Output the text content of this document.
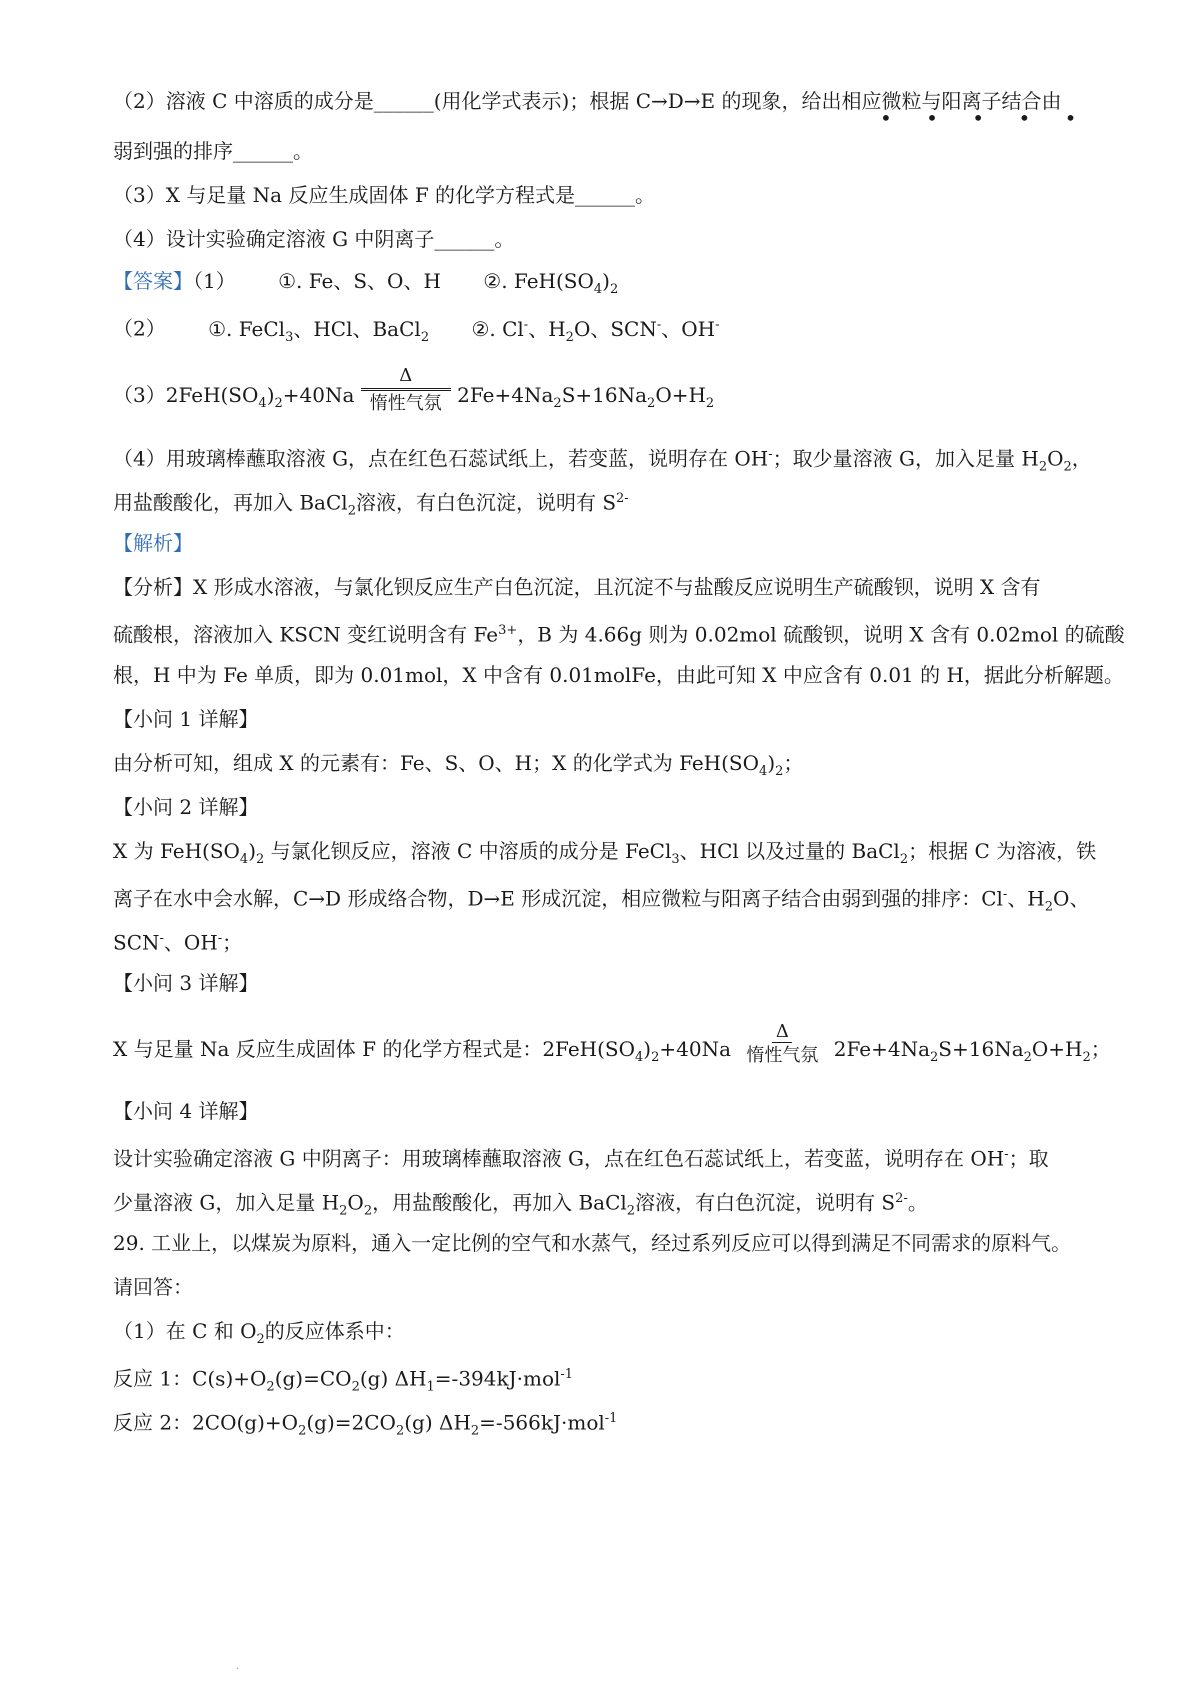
（2）溶液 C 中溶质的成分是______(用化学式表示)；根据 C→D→E 的现象，给出相应微粒与阳离子结合由
• • • • •
弱到强的排序______。
（3）X 与足量 Na 反应生成固体 F 的化学方程式是______。
（4）设计实验确定溶液 G 中阴离子______。
【答案】（1） ①. Fe、S、O、H ②. $FeH(SO_4)_2$
（2） ①. FeCl$_3$、HCl、BaCl$_2$ ②. Cl-、$H_2O$、SCN-、OH-
$(3)2FeH(SO_4)_2+40Na$
Δ
惰性气氛 $2Fe+4Na_2S+16Na_2O+H_2$
（4）用玻璃棒蘸取溶液 G，点在红色石蕊试纸上，若变蓝，说明存在 OH-；取少量溶液 G，加入足量 $H_2O_2$，
用盐酸酸化，再加入 BaCl$_2$溶液，有白色沉淀，说明有 $S^{2-}$
【解析】
【分析】X 形成水溶液，与氯化钡反应生产白色沉淀，且沉淀不与盐酸反应说明生产硫酸钡，说明 X 含有
硫酸根，溶液加入 KSCN 变红说明含有 $Fe^{3+}$，B 为 4.66g 则为 0.02mol 硫酸钡，说明 X 含有 0.02mol 的硫酸
根，H 中为 Fe 单质，即为 0.01mol，X 中含有 0.01molFe，由此可知 X 中应含有 0.01 的 H，据此分析解题。
【小问 1 详解】
由分析可知，组成 X 的元素有：Fe、S、O、H；X 的化学式为 $FeH(SO_4)_2$；
【小问 2 详解】
X 为 $FeH(SO_4)_2$ 与氯化钡反应，溶液 C 中溶质的成分是 FeCl$_3$、HCl 以及过量的 BaCl$_2$；根据 C 为溶液，铁
离子在水中会水解，C→D 形成络合物，D→E 形成沉淀，相应微粒与阳离子结合由弱到强的排序：Cl-、$H_2O$、
SCN-、OH-；
【小问 3 详解】
X 与足量 Na 反应生成固体 F 的化学方程式是：$2FeH(SO_4)_2+40Na$
Δ
惰性气氛 $2Fe+4Na_2S+16Na_2O+H_2$；
【小问 4 详解】
设计实验确定溶液 G 中阴离子：用玻璃棒蘸取溶液 G，点在红色石蕊试纸上，若变蓝，说明存在 OH-；取
少量溶液 G，加入足量 $H_2O_2$，用盐酸酸化，再加入 BaCl$_2$溶液，有白色沉淀，说明有 $S^{2-}$。
29. 工业上，以煤炭为原料，通入一定比例的空气和水蒸气，经过系列反应可以得到满足不同需求的原料气。
请回答：
（1）在 C 和 $O_2$的反应体系中：
反应 1：$C(s)+O_2(g)=CO_2(g)$ $\Delta H_1=-394kJ\cdot mol^{-1}$
反应 2：$2CO(g)+O_2(g)=2CO_2(g)$ $\Delta H_2=-566kJ\cdot mol^{-1}$
·
